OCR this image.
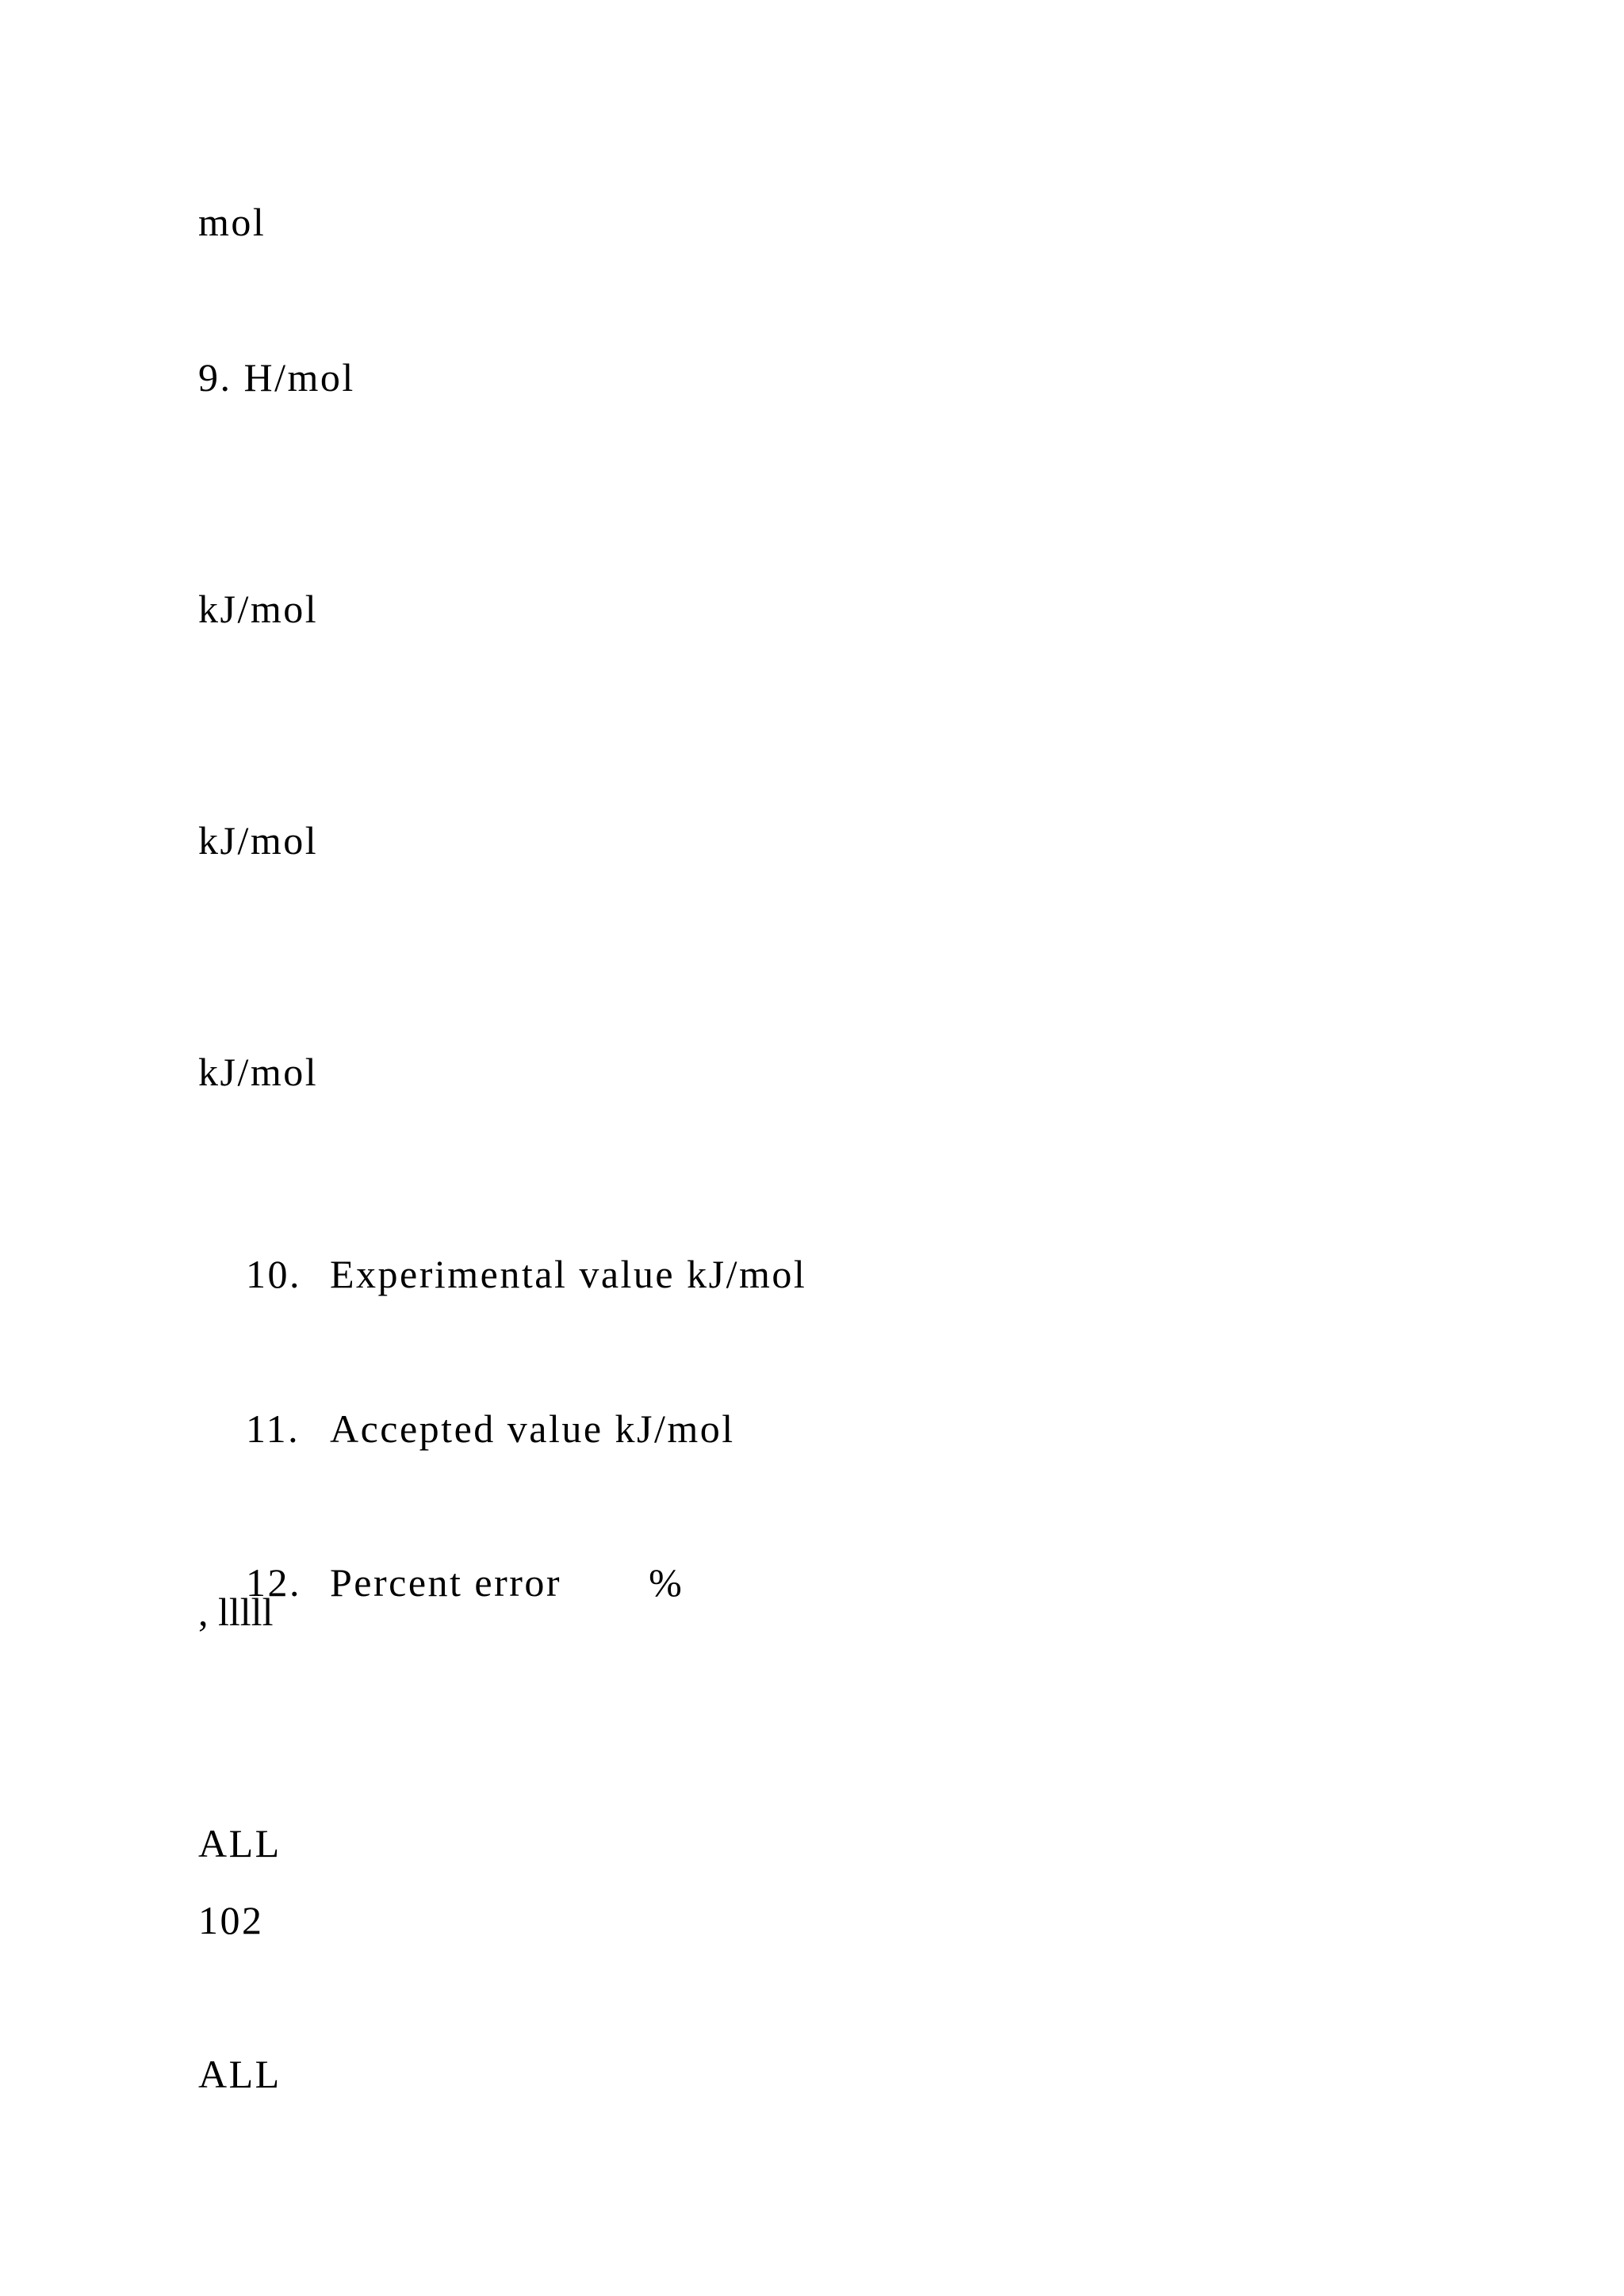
mol
9. H/mol
kJ/mol
kJ/mol
kJ/mol

10. Experimental value kJ/mol

11. Accepted value kJ/mol

12. Percent error %

, lllll
ALL
102
ALL
